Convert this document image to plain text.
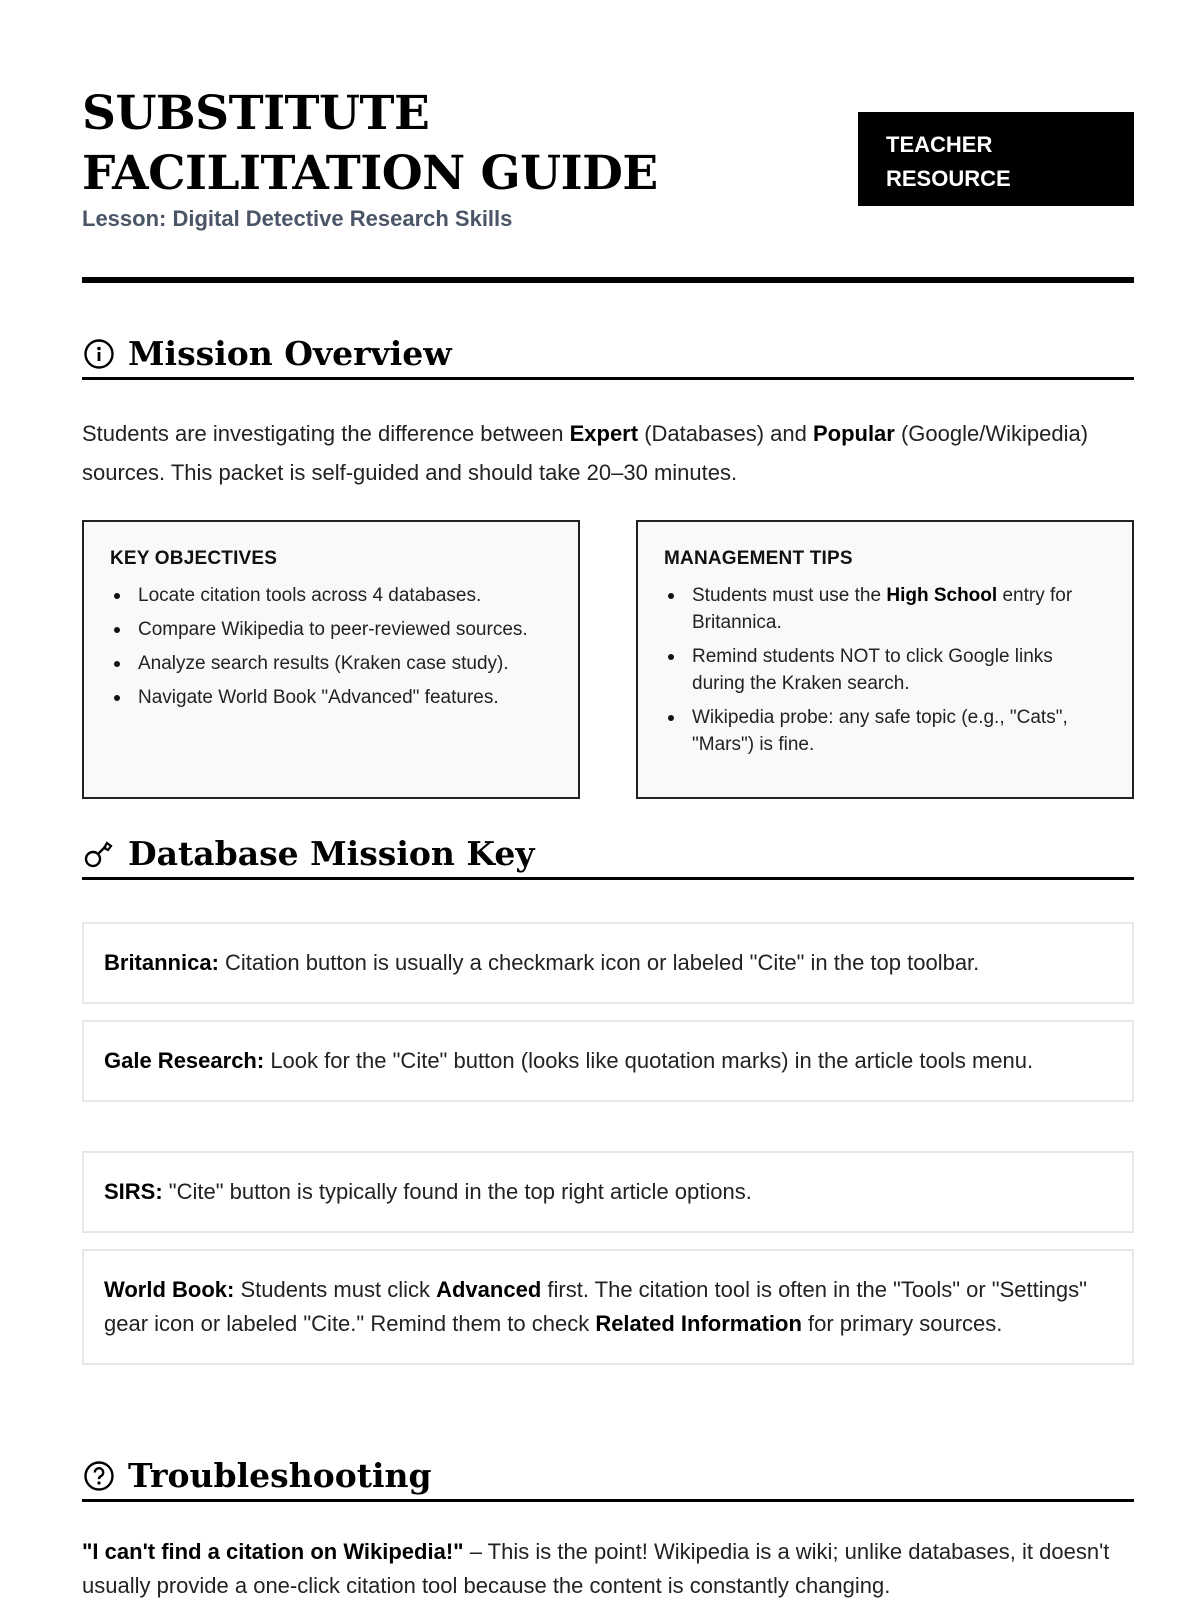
SUBSTITUTE FACILITATION GUIDE
Lesson: Digital Detective Research Skills
TEACHER
RESOURCE
Mission Overview

Students are investigating the difference between Expert (Databases) and Popular (Google/Wikipedia) sources. This packet is self-guided and should take 20–30 minutes.

KEY OBJECTIVES
Locate citation tools across 4 databases.
Compare Wikipedia to peer-reviewed sources.
Analyze search results (Kraken case study).
Navigate World Book "Advanced" features.
MANAGEMENT TIPS
Students must use the High School entry for Britannica.
Remind students NOT to click Google links during the Kraken search.
Wikipedia probe: any safe topic (e.g., "Cats", "Mars") is fine.
Database Mission Key
Britannica: Citation button is usually a checkmark icon or labeled "Cite" in the top toolbar.
Gale Research: Look for the "Cite" button (looks like quotation marks) in the article tools menu.
SIRS: "Cite" button is typically found in the top right article options.
World Book: Students must click Advanced first. The citation tool is often in the "Tools" or "Settings" gear icon or labeled "Cite." Remind them to check Related Information for primary sources.
Troubleshooting

"I can't find a citation on Wikipedia!" – This is the point! Wikipedia is a wiki; unlike databases, it doesn't usually provide a one-click citation tool because the content is constantly changing.
